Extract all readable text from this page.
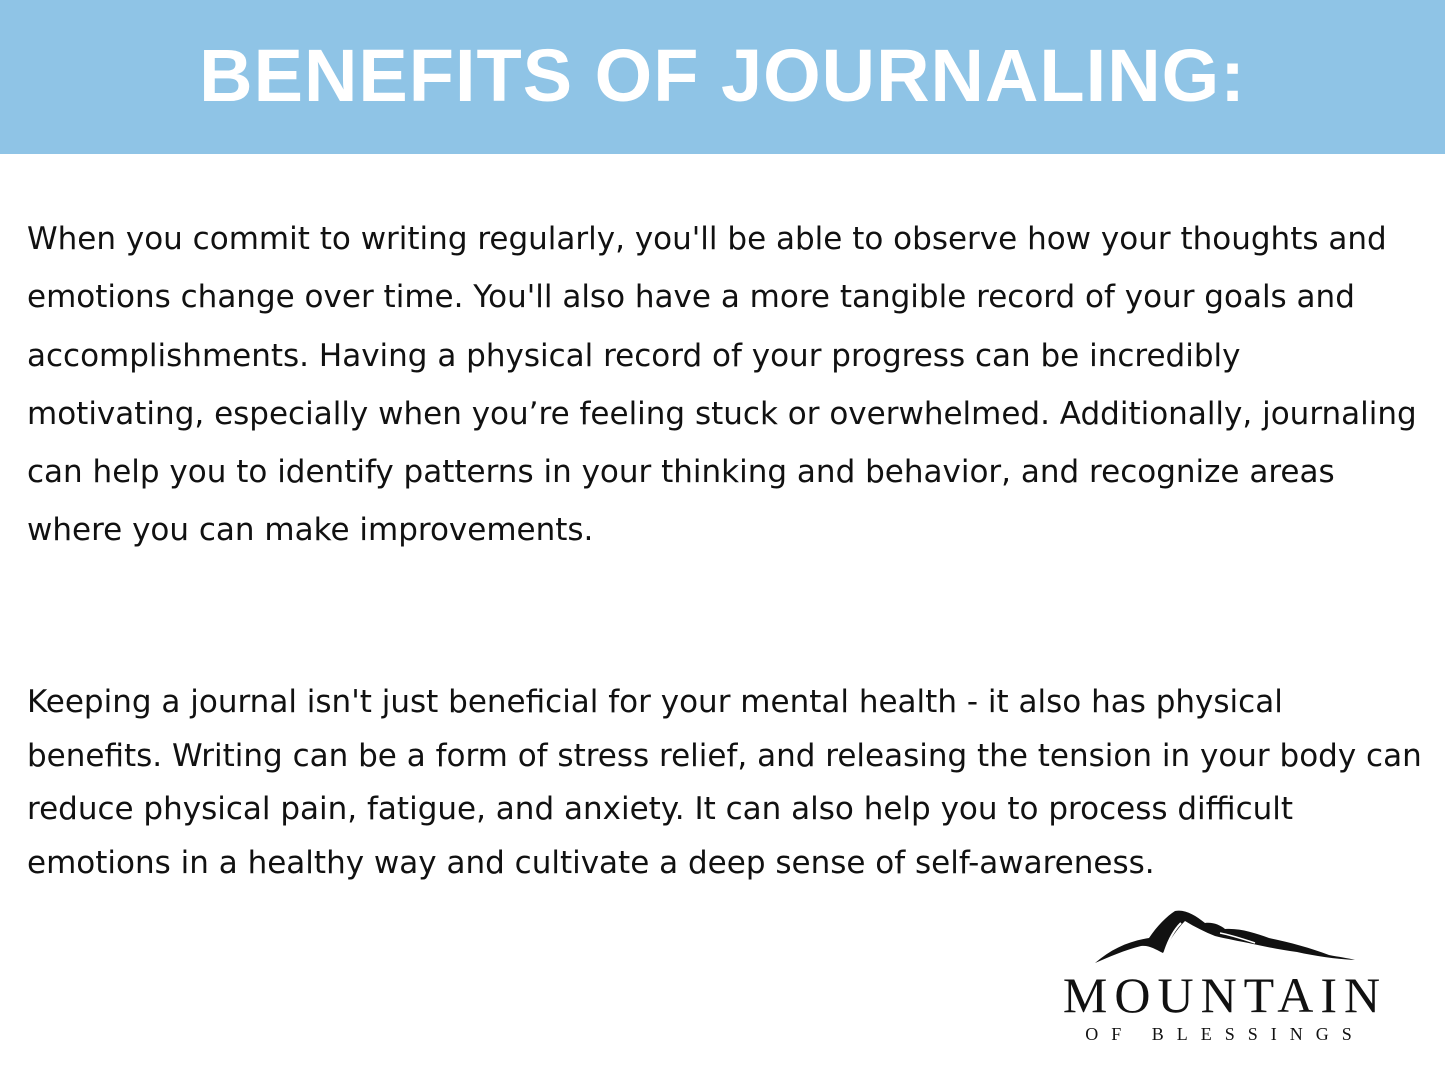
BENEFITS OF JOURNALING:

When you commit to writing regularly, you'll be able to observe how your thoughts and emotions change over time. You'll also have a more tangible record of your goals and accomplishments. Having a physical record of your progress can be incredibly motivating, especially when you’re feeling stuck or overwhelmed. Additionally, journaling can help you to identify patterns in your thinking and behavior, and recognize areas where you can make improvements.

Keeping a journal isn't just beneficial for your mental health - it also has physical benefits. Writing can be a form of stress relief, and releasing the tension in your body can reduce physical pain, fatigue, and anxiety. It can also help you to process difficult emotions in a healthy way and cultivate a deep sense of self-awareness.

MOUNTAIN
OF BLESSINGS
